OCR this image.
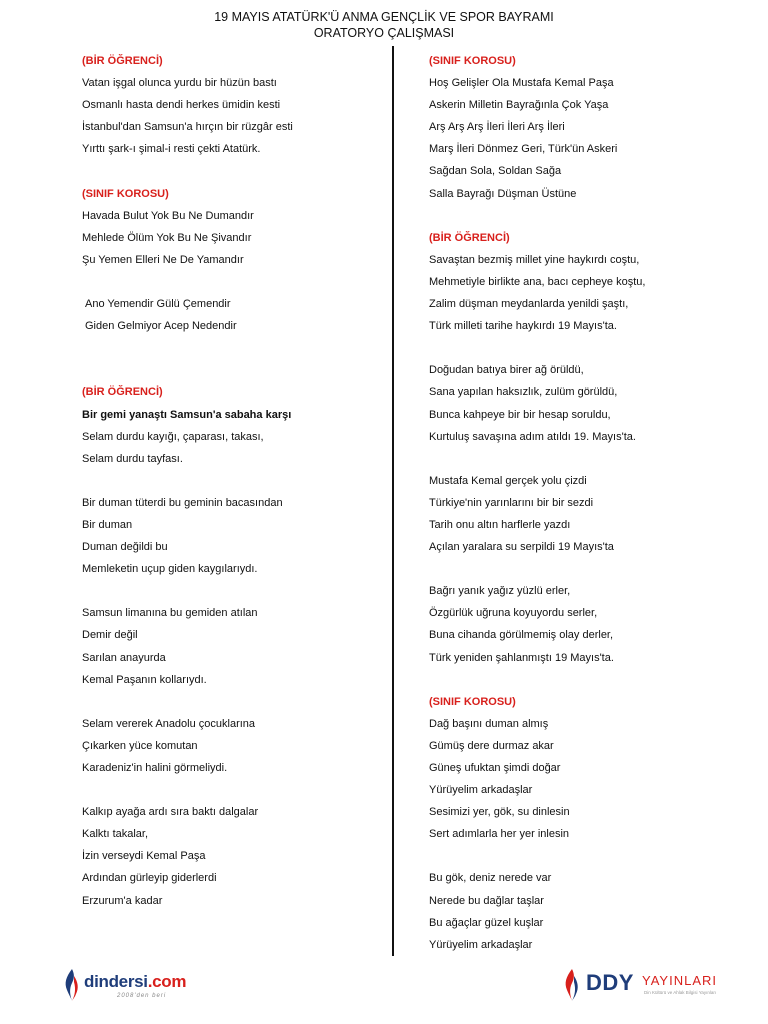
19 MAYIS ATATÜRK'Ü ANMA GENÇLİK VE SPOR BAYRAMI
ORATORYO ÇALIŞMASI
(BİR ÖĞRENCİ)
Vatan işgal olunca yurdu bir hüzün bastı
Osmanlı hasta dendi herkes ümidin kesti
İstanbul'dan Samsun'a hırçın bir rüzgâr esti
Yırttı şark-ı şimal-i resti çekti Atatürk.
(SINIF KOROSU)
Havada Bulut Yok Bu Ne Dumandır
Mehlede Ölüm Yok Bu Ne Şivandır
Şu Yemen Elleri Ne De Yamandır
Ano Yemendir Gülü Çemendir
Giden Gelmiyor Acep Nedendir
(BİR ÖĞRENCİ)
Bir gemi yanaştı Samsun'a sabaha karşı
Selam durdu kayığı, çaparası, takası,
Selam durdu tayfası.
Bir duman tüterdi bu geminin bacasından
Bir duman
Duman değildi bu
Memleketin uçup giden kaygılarıydı.
Samsun limanına bu gemiden atılan
Demir değil
Sarılan anayurda
Kemal Paşanın kollarıydı.
Selam vererek Anadolu çocuklarına
Çıkarken yüce komutan
Karadeniz'in halini görmeliydi.
Kalkıp ayağa ardı sıra baktı dalgalar
Kalktı takalar,
İzin verseydi Kemal Paşa
Ardından gürleyip giderlerdi
Erzurum'a kadar
(SINIF KOROSU)
Hoş Gelişler Ola Mustafa Kemal Paşa
Askerin Milletin Bayrağınla Çok Yaşa
Arş Arş Arş İleri İleri Arş İleri
Marş İleri Dönmez Geri, Türk'ün Askeri
Sağdan Sola, Soldan Sağa
Salla Bayrağı Düşman Üstüne
(BİR ÖĞRENCİ)
Savaştan bezmiş millet yine haykırdı coştu,
Mehmetiyle birlikte ana, bacı cepheye koştu,
Zalim düşman meydanlarda yenildi şaştı,
Türk milleti tarihe haykırdı 19 Mayıs'ta.
Doğudan batıya birer ağ örüldü,
Sana yapılan haksızlık, zulüm görüldü,
Bunca kahpeye bir bir hesap soruldu,
Kurtuluş savaşına adım atıldı 19. Mayıs'ta.
Mustafa Kemal gerçek yolu çizdi
Türkiye'nin yarınlarını bir bir sezdi
Tarih onu altın harflerle yazdı
Açılan yaralara su serpildi 19 Mayıs'ta
Bağrı yanık yağız yüzlü erler,
Özgürlük uğruna koyuyordu serler,
Buna cihanda görülmemiş olay derler,
Türk yeniden şahlanmıştı 19 Mayıs'ta.
(SINIF KOROSU)
Dağ başını duman almış
Gümüş dere durmaz akar
Güneş ufuktan şimdi doğar
Yürüyelim arkadaşlar
Sesimizi yer, gök, su dinlesin
Sert adımlarla her yer inlesin
Bu gök, deniz nerede var
Nerede bu dağlar taşlar
Bu ağaçlar güzel kuşlar
Yürüyelim arkadaşlar
dindersi.com
2008'den beri
DDY YAYINLARI
Din Kültürü ve Ahlak Bilgisi Yayınları
